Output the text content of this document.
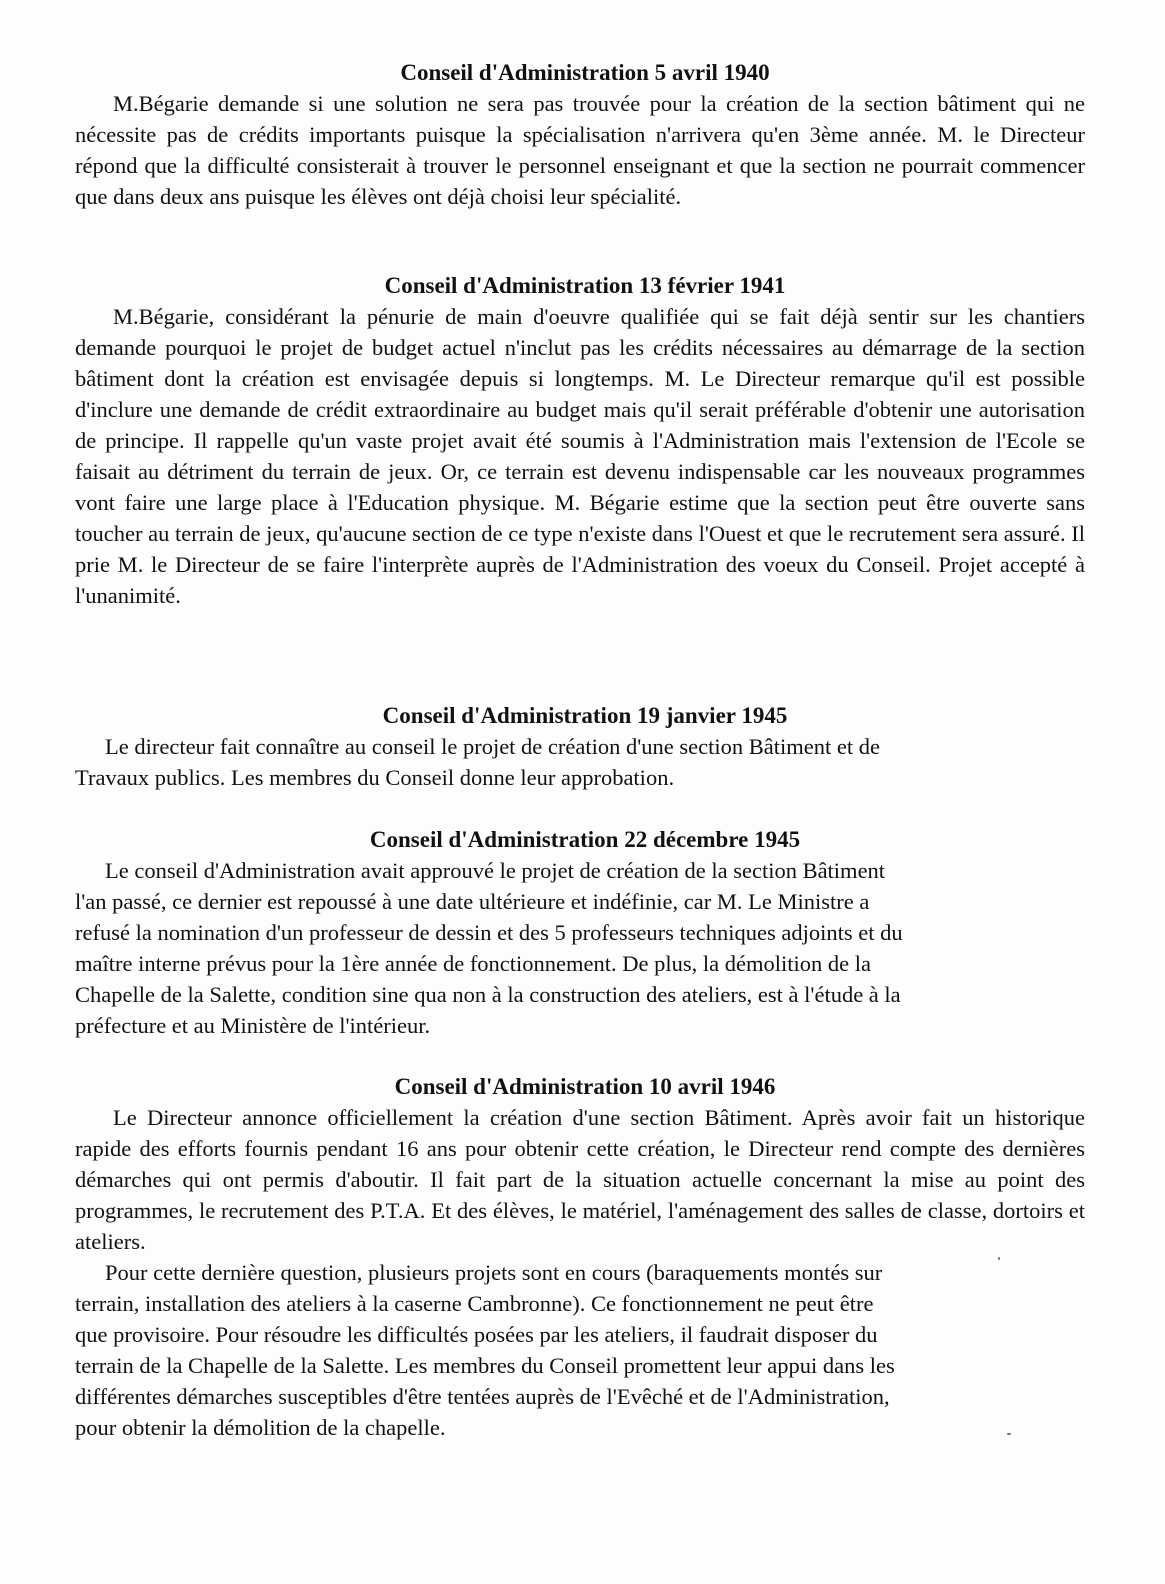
Conseil d'Administration 5 avril 1940

M.Bégarie demande si une solution ne sera pas trouvée pour la création de la section bâtiment qui ne nécessite pas de crédits importants puisque la spécialisation n'arrivera qu'en 3ème année. M. le Directeur répond que la difficulté consisterait à trouver le personnel enseignant et que la section ne pourrait commencer que dans deux ans puisque les élèves ont déjà choisi leur spécialité.

Conseil d'Administration 13 février 1941

M.Bégarie, considérant la pénurie de main d'oeuvre qualifiée qui se fait déjà sentir sur les chantiers demande pourquoi le projet de budget actuel n'inclut pas les crédits nécessaires au démarrage de la section bâtiment dont la création est envisagée depuis si longtemps. M. Le Directeur remarque qu'il est possible d'inclure une demande de crédit extraordinaire au budget mais qu'il serait préférable d'obtenir une autorisation de principe. Il rappelle qu'un vaste projet avait été soumis à l'Administration mais l'extension de l'Ecole se faisait au détriment du terrain de jeux. Or, ce terrain est devenu indispensable car les nouveaux programmes vont faire une large place à l'Education physique. M. Bégarie estime que la section peut être ouverte sans toucher au terrain de jeux, qu'aucune section de ce type n'existe dans l'Ouest et que le recrutement sera assuré. Il prie M. le Directeur de se faire l'interprète auprès de l'Administration des voeux du Conseil. Projet accepté à l'unanimité.

Conseil d'Administration 19 janvier 1945

Le directeur fait connaître au conseil le projet de création d'une section Bâtiment et de
Travaux publics. Les membres du Conseil donne leur approbation.

Conseil d'Administration 22 décembre 1945

Le conseil d'Administration avait approuvé le projet de création de la section Bâtiment
l'an passé, ce dernier est repoussé à une date ultérieure et indéfinie, car M. Le Ministre a
refusé la nomination d'un professeur de dessin et des 5 professeurs techniques adjoints et du
maître interne prévus pour la 1ère année de fonctionnement. De plus, la démolition de la
Chapelle de la Salette, condition sine qua non à la construction des ateliers, est à l'étude à la
préfecture et au Ministère de l'intérieur.

Conseil d'Administration 10 avril 1946

Le Directeur annonce officiellement la création d'une section Bâtiment. Après avoir fait un historique rapide des efforts fournis pendant 16 ans pour obtenir cette création, le Directeur rend compte des dernières démarches qui ont permis d'aboutir. Il fait part de la situation actuelle concernant la mise au point des programmes, le recrutement des P.T.A. Et des élèves, le matériel, l'aménagement des salles de classe, dortoirs et ateliers.

Pour cette dernière question, plusieurs projets sont en cours (baraquements montés sur
terrain, installation des ateliers à la caserne Cambronne). Ce fonctionnement ne peut être
que provisoire. Pour résoudre les difficultés posées par les ateliers, il faudrait disposer du
terrain de la Chapelle de la Salette. Les membres du Conseil promettent leur appui dans les
différentes démarches susceptibles d'être tentées auprès de l'Evêché et de l'Administration,
pour obtenir la démolition de la chapelle.
